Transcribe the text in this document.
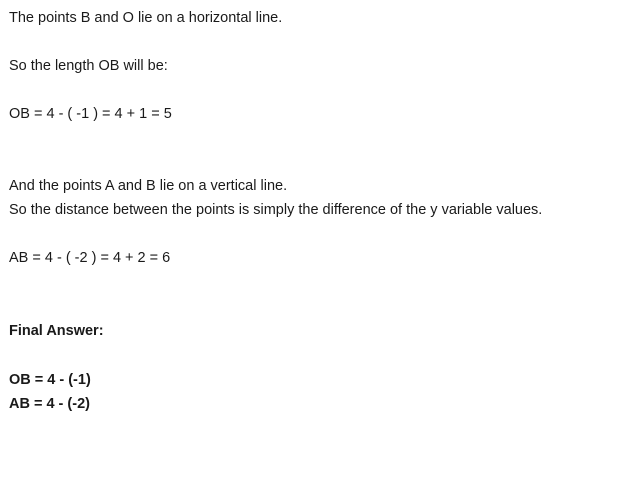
The points B and O lie on a horizontal line.
So the length OB will be:
OB = 4 - ( -1 ) = 4 + 1 = 5
And the points A and B lie on a vertical line.
So the distance between the points is simply the difference of the y variable values.
AB = 4 - ( -2 ) = 4 + 2 = 6
Final Answer:
OB = 4 - (-1)
AB = 4 - (-2)
